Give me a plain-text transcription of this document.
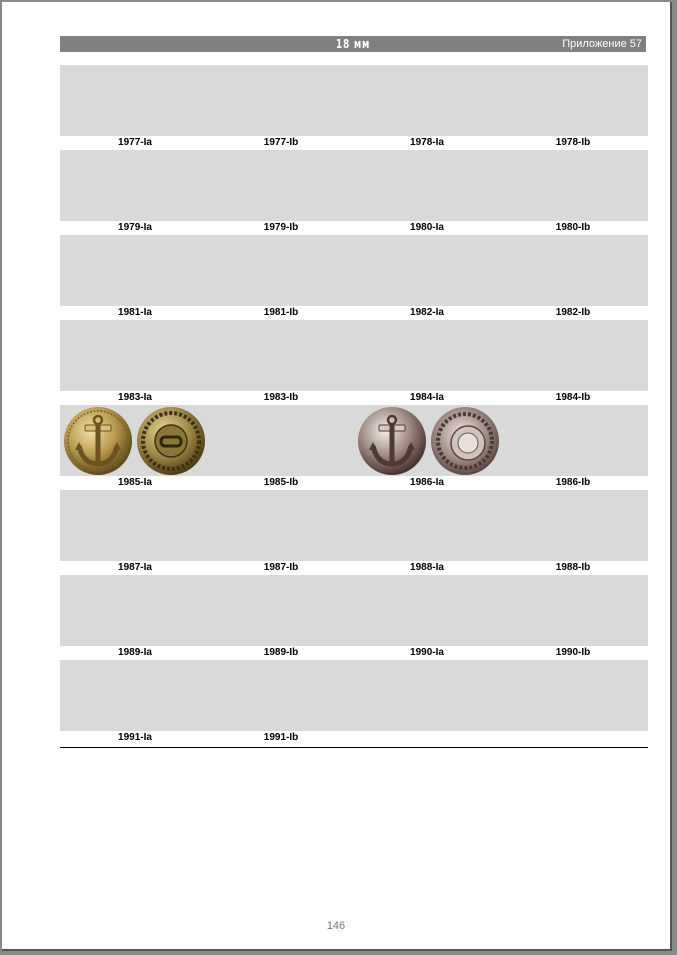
18 мм	Приложение 57
1977-Ia	1977-Ib	1978-Ia	1978-Ib
1979-Ia	1979-Ib	1980-Ia	1980-Ib
1981-Ia	1981-Ib	1982-Ia	1982-Ib
1983-Ia	1983-Ib	1984-Ia	1984-Ib
1985-Ia	1985-Ib	1986-Ia	1986-Ib
1987-Ia	1987-Ib	1988-Ia	1988-Ib
1989-Ia	1989-Ib	1990-Ia	1990-Ib
1991-Ia	1991-Ib
146
